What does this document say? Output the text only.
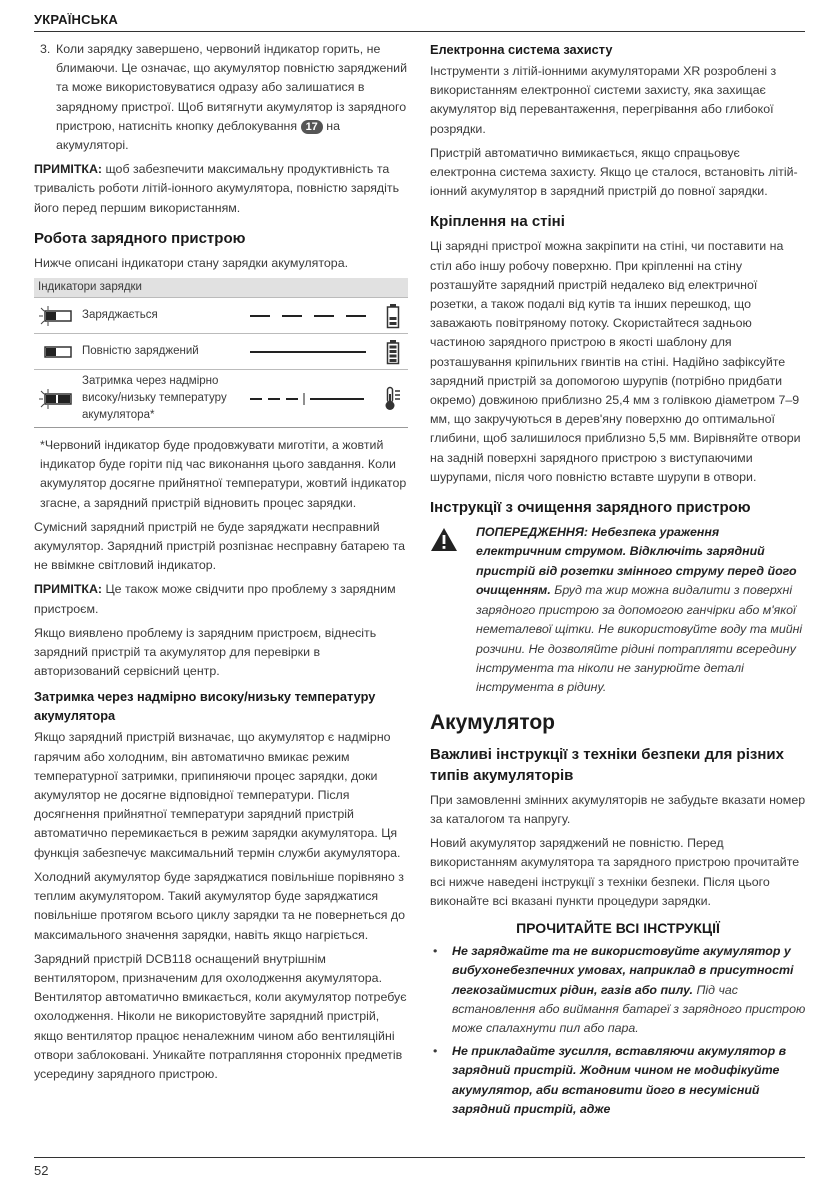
УКРАЇНСЬКА

3. Коли зарядку завершено, червоний індикатор горить, не блимаючи. Це означає, що акумулятор повністю заряджений та може використовуватися одразу або залишатися в зарядному пристрої. Щоб витягнути акумулятор із зарядного пристрою, натисніть кнопку деблокування 17 на акумуляторі.

ПРИМІТКА: щоб забезпечити максимальну продуктивність та тривалість роботи літій-іонного акумулятора, повністю зарядіть його перед першим використанням.

Робота зарядного пристрою

Нижче описані індикатори стану зарядки акумулятора.

Індикатори зарядки
Заряджається
Повністю заряджений
Затримка через надмірно високу/низьку температуру акумулятора*

*Червоний індикатор буде продовжувати миготіти, а жовтий індикатор буде горіти під час виконання цього завдання. Коли акумулятор досягне прийнятної температури, жовтий індикатор згасне, а зарядний пристрій відновить процес зарядки.

Сумісний зарядний пристрій не буде заряджати несправний акумулятор. Зарядний пристрій розпізнає несправну батарею та не ввімкне світловий індикатор.

ПРИМІТКА: Це також може свідчити про проблему з зарядним пристроєм.

Якщо виявлено проблему із зарядним пристроєм, віднесіть зарядний пристрій та акумулятор для перевірки в авторизований сервісний центр.

Затримка через надмірно високу/низьку температуру акумулятора

Якщо зарядний пристрій визначає, що акумулятор є надмірно гарячим або холодним, він автоматично вмикає режим температурної затримки, припиняючи процес зарядки, доки акумулятор не досягне відповідної температури. Після досягнення прийнятної температури зарядний пристрій автоматично перемикається в режим зарядки акумулятора. Ця функція забезпечує максимальний термін служби акумулятора.

Холодний акумулятор буде заряджатися повільніше порівняно з теплим акумулятором. Такий акумулятор буде заряджатися повільніше протягом всього циклу зарядки та не повернеться до максимального значення зарядки, навіть якщо нагріється.

Зарядний пристрій DCB118 оснащений внутрішнім вентилятором, призначеним для охолодження акумулятора. Вентилятор автоматично вмикається, коли акумулятор потребує охолодження. Ніколи не використовуйте зарядний пристрій, якщо вентилятор працює неналежним чином або вентиляційні отвори заблоковані. Уникайте потрапляння сторонніх предметів усередину зарядного пристрою.

Електронна система захисту

Інструменти з літій-іонними акумуляторами XR розроблені з використанням електронної системи захисту, яка захищає акумулятор від перевантаження, перегрівання або глибокої розрядки.

Пристрій автоматично вимикається, якщо спрацьовує електронна система захисту. Якщо це сталося, встановіть літій-іонний акумулятор в зарядний пристрій до повної зарядки.

Кріплення на стіні

Ці зарядні пристрої можна закріпити на стіні, чи поставити на стіл або іншу робочу поверхню. При кріпленні на стіну розташуйте зарядний пристрій недалеко від електричної розетки, а також подалі від кутів та інших перешкод, що заважають повітряному потоку. Скористайтеся задньою частиною зарядного пристрою в якості шаблону для розташування кріпильних гвинтів на стіні. Надійно зафіксуйте зарядний пристрій за допомогою шурупів (потрібно придбати окремо) довжиною приблизно 25,4 мм з голівкою діаметром 7–9 мм, що закручуються в дерев'яну поверхню до оптимальної глибини, щоб залишилося приблизно 5,5 мм. Вирівняйте отвори на задній поверхні зарядного пристрою з виступаючими шурупами, після чого повністю вставте шурупи в отвори.

Інструкції з очищення зарядного пристрою
ПОПЕРЕДЖЕННЯ: Небезпека ураження електричним струмом. Відключіть зарядний пристрій від розетки змінного струму перед його очищенням. Бруд та жир можна видалити з поверхні зарядного пристрою за допомогою ганчірки або м'якої неметалевої щітки. Не використовуйте воду та мийні розчини. Не дозволяйте рідині потрапляти всередину інструмента та ніколи не занурюйте деталі інструмента в рідину.
Акумулятор
Важливі інструкції з техніки безпеки для різних типів акумуляторів

При замовленні змінних акумуляторів не забудьте вказати номер за каталогом та напругу.

Новий акумулятор заряджений не повністю. Перед використанням акумулятора та зарядного пристрою прочитайте всі нижче наведені інструкції з техніки безпеки. Після цього виконайте всі вказані пункти процедури зарядки.

ПРОЧИТАЙТЕ ВСІ ІНСТРУКЦІЇ
• Не заряджайте та не використовуйте акумулятор у вибухонебезпечних умовах, наприклад в присутності легкозаймистих рідин, газів або пилу. Під час встановлення або виймання батареї з зарядного пристрою може спалахнути пил або пара.
• Не прикладайте зусилля, вставляючи акумулятор в зарядний пристрій. Жодним чином не модифікуйте акумулятор, аби встановити його в несумісний зарядний пристрій, адже
52
